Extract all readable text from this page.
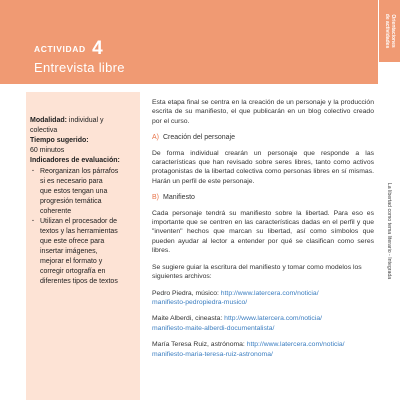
ACTIVIDAD 4
Entrevista libre
Orientaciones
de actividades
La libertad como tema literario - Integrada
Modalidad: individual y
colectiva
Tiempo sugerido:
60 minutos
Indicadores de evaluación:
· Reorganizan los párrafos
si es necesario para
que estos tengan una
progresión temática
coherente
· Utilizan el procesador de
textos y las herramientas
que este ofrece para
insertar imágenes,
mejorar el formato y
corregir ortografía en
diferentes tipos de textos

Esta etapa final se centra en la creación de un personaje y la producción escrita de su manifiesto, el que publicarán en un blog colectivo creado por el curso.

A) Creación del personaje

De forma individual crearán un personaje que responde a las características que han revisado sobre seres libres, tanto como activos protagonistas de la libertad colectiva como personas libres en sí mismas. Harán un perfil de este personaje.

B) Manifiesto

Cada personaje tendrá su manifiesto sobre la libertad. Para eso es importante que se centren en las características dadas en el perfil y que "inventen" hechos que marcan su libertad, así como símbolos que pueden ayudar al lector a entender por qué se clasifican como seres libres.

Se sugiere guiar la escritura del manifiesto y tomar como modelos los siguientes archivos:

Pedro Piedra, músico: http://www.latercera.com/noticia/
manifiesto-pedropiedra-musico/

Maite Alberdi, cineasta: http://www.latercera.com/noticia/
manifiesto-maite-alberdi-documentalista/

María Teresa Ruiz, astrónoma: http://www.latercera.com/noticia/
manifiesto-maria-teresa-ruiz-astronoma/
